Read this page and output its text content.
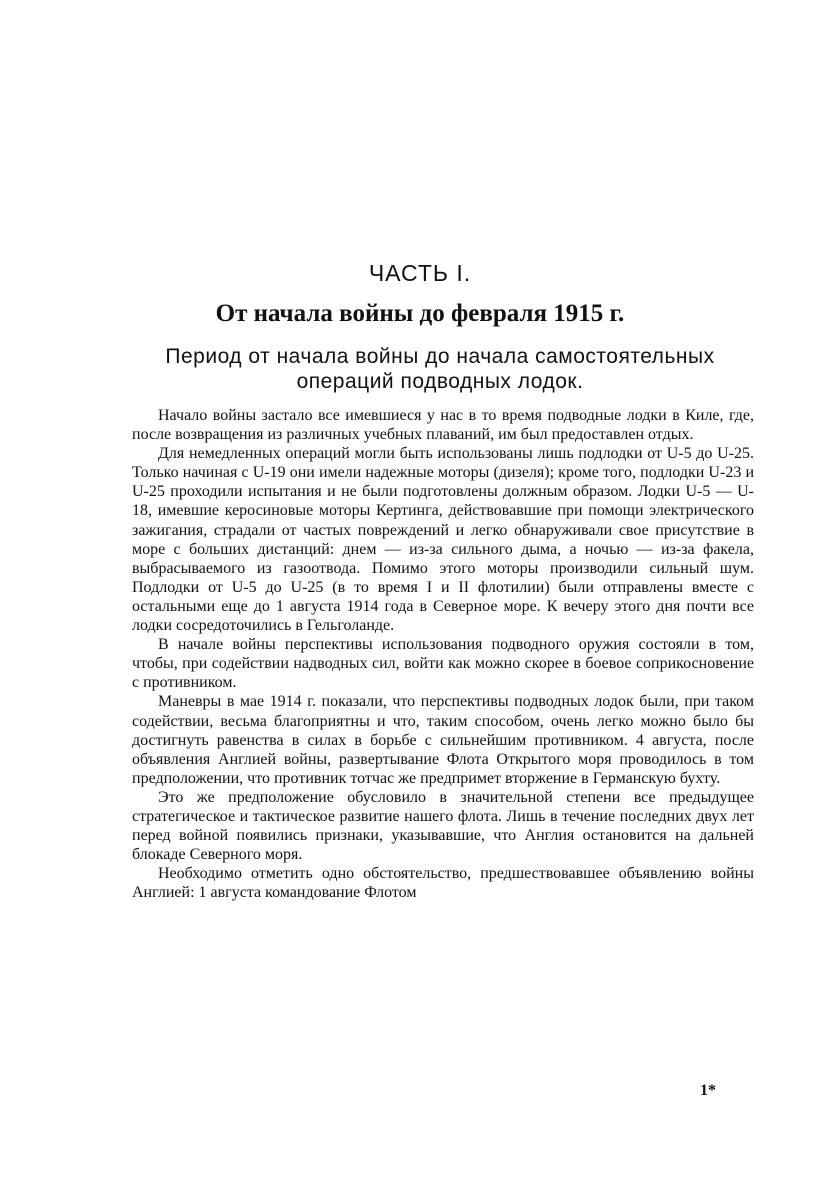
ЧАСТЬ I.
От начала войны до февраля 1915 г.
Период от начала войны до начала самостоятельных операций подводных лодок.

Начало войны застало все имевшиеся у нас в то время подводные лодки в Киле, где, после возвращения из различных учебных плаваний, им был предоставлен отдых.

Для немедленных операций могли быть использованы лишь подлодки от U-5 до U-25. Только начиная с U-19 они имели надежные моторы (дизеля); кроме того, подлодки U-23 и U-25 проходили испытания и не были подготовлены должным образом. Лодки U-5 — U-18, имевшие керосиновые моторы Кертинга, действовавшие при помощи электрического зажигания, страдали от частых повреждений и легко обнаруживали свое присутствие в море с больших дистанций: днем — из-за сильного дыма, а ночью — из-за факела, выбрасываемого из газоотвода. Помимо этого моторы производили сильный шум. Подлодки от U-5 до U-25 (в то время I и II флотилии) были отправлены вместе с остальными еще до 1 августа 1914 года в Северное море. К вечеру этого дня почти все лодки сосредоточились в Гельголанде.

В начале войны перспективы использования подводного оружия состояли в том, чтобы, при содействии надводных сил, войти как можно скорее в боевое соприкосновение с противником.

Маневры в мае 1914 г. показали, что перспективы подводных лодок были, при таком содействии, весьма благоприятны и что, таким способом, очень легко можно было бы достигнуть равенства в силах в борьбе с сильнейшим противником. 4 августа, после объявления Англией войны, развертывание Флота Открытого моря проводилось в том предположении, что противник тотчас же предпримет вторжение в Германскую бухту.

Это же предположение обусловило в значительной степени все предыдущее стратегическое и тактическое развитие нашего флота. Лишь в течение последних двух лет перед войной появились признаки, указывавшие, что Англия остановится на дальней блокаде Северного моря.

Необходимо отметить одно обстоятельство, предшествовавшее объявлению войны Англией: 1 августа командование Флотом

1*
